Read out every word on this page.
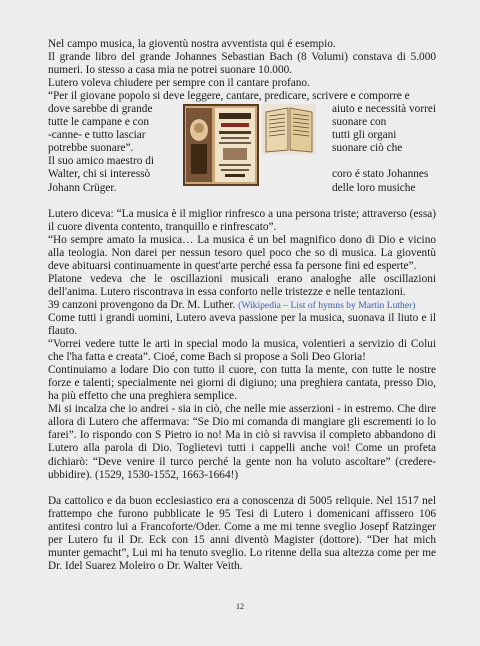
Nel campo musica, la gioventù nostra avventista qui é esempio.

Il grande libro del grande Johannes Sebastian Bach (8 Volumi) constava di 5.000 numeri. Io stesso a casa mia ne potrei suonare 10.000.

Lutero voleva chiudere per sempre con il cantare profano.

“Per il giovane popolo si deve leggere, cantare, predicare, scrivere e comporre e

dove sarebbe di grande
tutte le campane e con
-canne- e tutto lasciar
potrebbe suonare”.
Il suo amico maestro di
Walter, chi si interessò
Johann Crüger.
aiuto e necessità vorrei suonare con
tutti gli organi
suonare ciò che

coro é stato Johannes
delle loro musiche

Lutero diceva: “La musica è il miglior rinfresco a una persona triste; attraverso (essa) il cuore diventa contento, tranquillo e rinfrescato”.

“Ho sempre amato la musica… La musica é un bel magnifico dono di Dio e vicino alla teologia. Non darei per nessun tesoro quel poco che so di musica. La gioventù deve abituarsi continuamente in quest'arte perché essa fa persone fini ed esperte”.

Platone vedeva che le oscillazioni musicali erano analoghe alle oscillazioni dell'anima. Lutero riscontrava in essa conforto nelle tristezze e nelle tentazioni.

39 canzoni provengono da Dr. M. Luther. (Wikipedia – List of hymns by Martin Luther)

Come tutti i grandi uomini, Lutero aveva passione per la musica, suonava il liuto e il flauto.

“Vorrei vedere tutte le arti in special modo la musica, volentieri a servizio di Colui che l'ha fatta e creata”. Cioé, come Bach si propose a Soli Deo Gloria!

Continuiamo a lodare Dio con tutto il cuore, con tutta la mente, con tutte le nostre forze e talenti; specialmente nei giorni di digiuno; una preghiera cantata, presso Dio, ha più effetto che una preghiera semplice.

Mi si incalza che io andrei - sia in ciò, che nelle mie asserzioni - in estremo. Che dire allora di Lutero che affermava: “Se Dio mi comanda di mangiare gli escrementi io lo farei”. Io rispondo con S Pietro io no! Ma in ciò si ravvisa il completo abbandono di Lutero alla parola di Dio. Toglietevi tutti i cappelli anche voi! Come un profeta dichiarò: “Deve venire il turco perché la gente non ha voluto ascoltare” (credere-ubbidire). (1529, 1530-1552, 1663-1664!)

Da cattolico e da buon ecclesiastico era a conoscenza di 5005 reliquie. Nel 1517 nel frattempo che furono pubblicate le 95 Tesi di Lutero i domenicani affissero 106 antitesi contro lui a Francoforte/Oder. Come a me mi tenne sveglio Josepf Ratzinger per Lutero fu il Dr. Eck con 15 anni diventò Magister (dottore). “Der hat mich munter gemacht”, Lui mi ha tenuto sveglio. Lo ritenne della sua altezza come per me Dr. Idel Suarez Moleiro o Dr. Walter Veith.

12
